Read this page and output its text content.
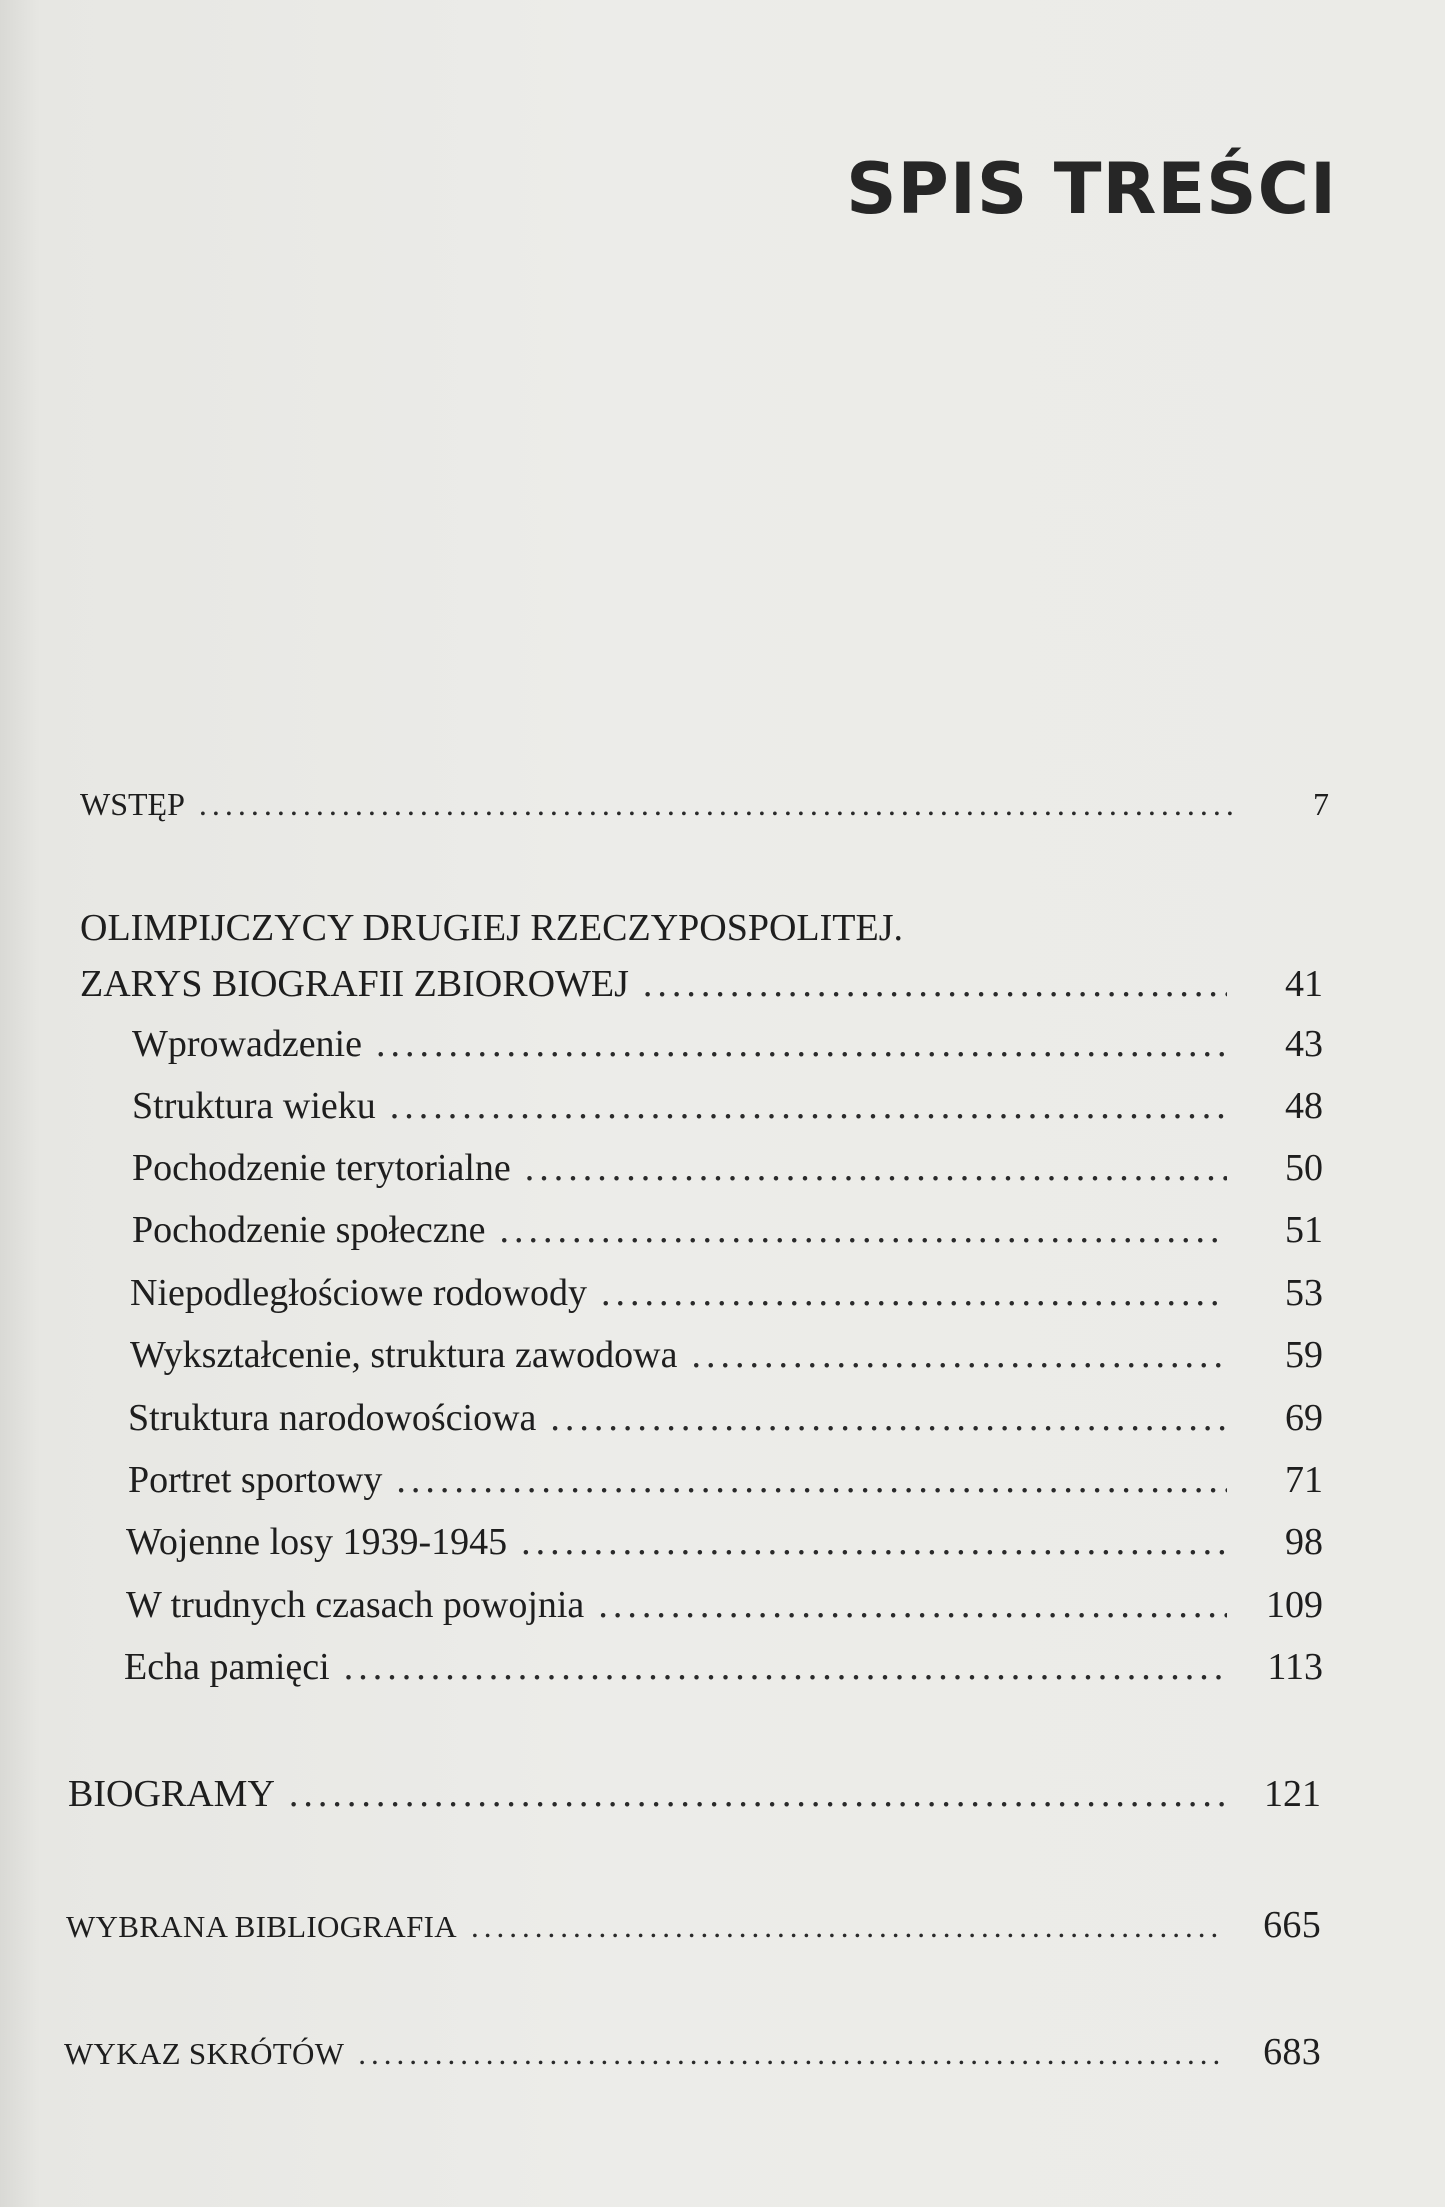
SPIS TREŚCI
WSTĘP .....	7
OLIMPIJCZYCY DRUGIEJ RZECZYPOSPOLITEJ.
ZARYS BIOGRAFII ZBIOROWEJ .....	41
Wprowadzenie .....	43
Struktura wieku .....	48
Pochodzenie terytorialne .....	50
Pochodzenie społeczne .....	51
Niepodległościowe rodowody .....	53
Wykształcenie, struktura zawodowa .....	59
Struktura narodowościowa .....	69
Portret sportowy .....	71
Wojenne losy 1939-1945 .....	98
W trudnych czasach powojnia .....	109
Echa pamięci .....	113
BIOGRAMY .....	121
WYBRANA BIBLIOGRAFIA .....	665
WYKAZ SKRÓTÓW .....	683
